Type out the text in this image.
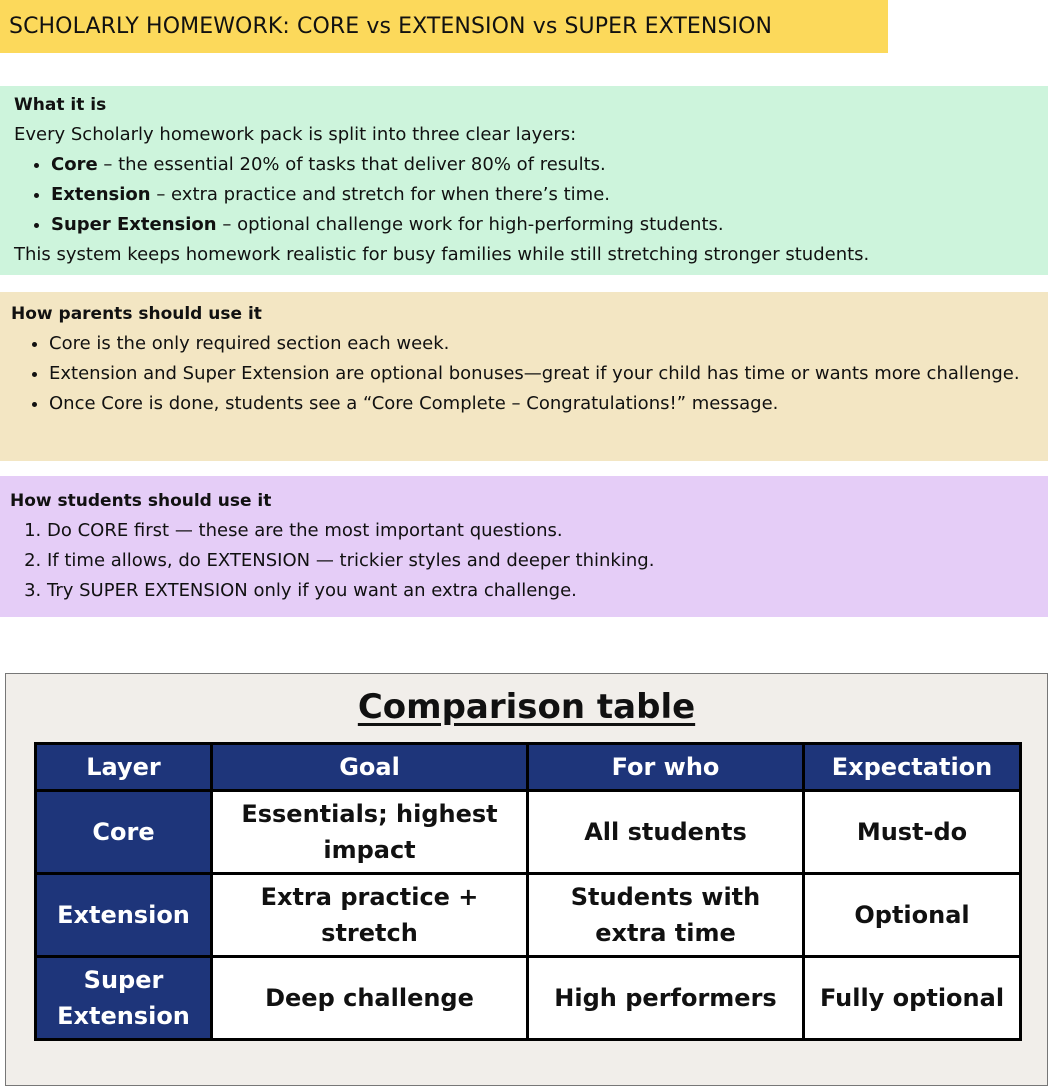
SCHOLARLY HOMEWORK: CORE vs EXTENSION vs SUPER EXTENSION
What it is
Every Scholarly homework pack is split into three clear layers:
• Core – the essential 20% of tasks that deliver 80% of results.
• Extension – extra practice and stretch for when there’s time.
• Super Extension – optional challenge work for high-performing students.
This system keeps homework realistic for busy families while still stretching stronger students.
How parents should use it
• Core is the only required section each week.
• Extension and Super Extension are optional bonuses—great if your child has time or wants more challenge.
• Once Core is done, students see a “Core Complete – Congratulations!” message.
How students should use it
1. Do CORE first — these are the most important questions.
2. If time allows, do EXTENSION — trickier styles and deeper thinking.
3. Try SUPER EXTENSION only if you want an extra challenge.
Comparison table
Layer	Goal	For who	Expectation
Core	Essentials; highest impact	All students	Must-do
Extension	Extra practice + stretch	Students with extra time	Optional
Super Extension	Deep challenge	High performers	Fully optional
